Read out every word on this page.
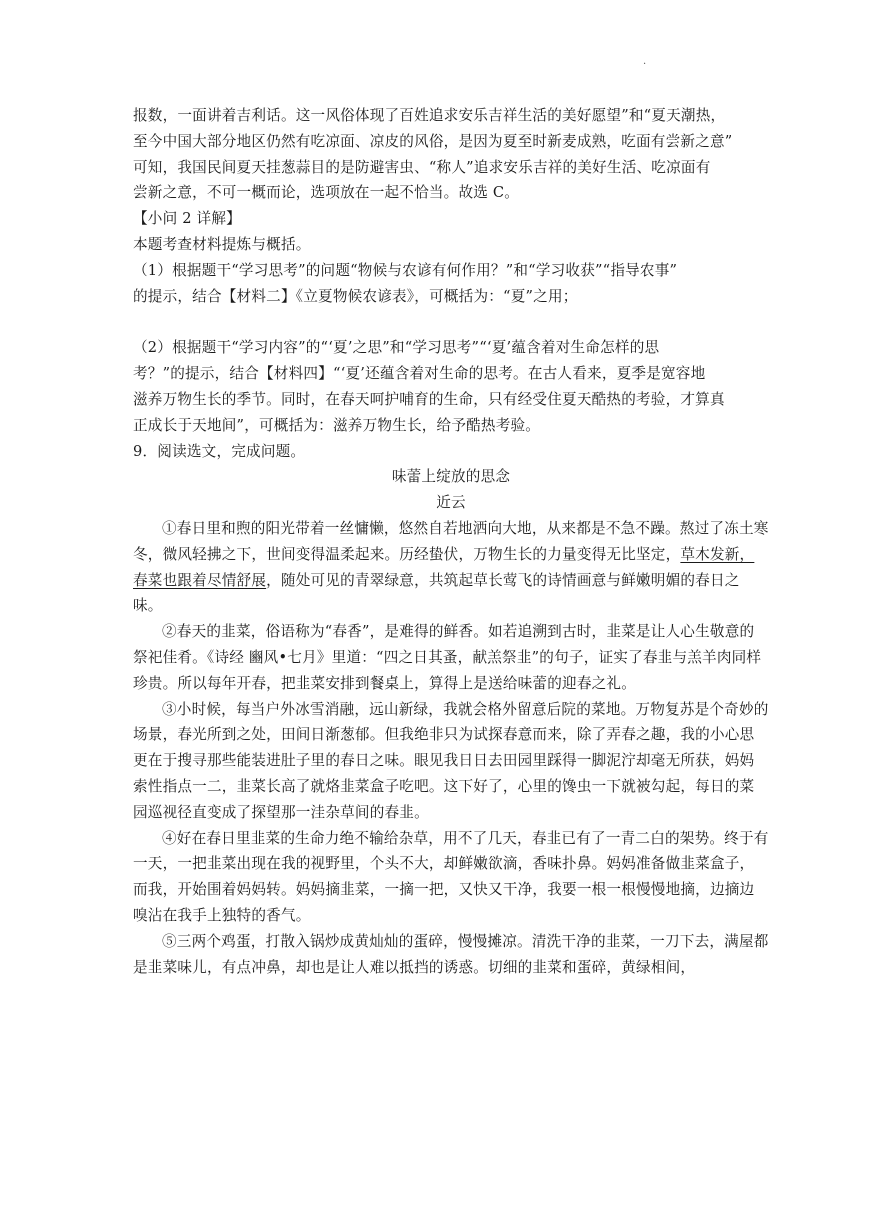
.

报数，一面讲着吉利话。这一风俗体现了百姓追求安乐吉祥生活的美好愿望”和“夏天潮热，

至今中国大部分地区仍然有吃凉面、凉皮的风俗，是因为夏至时新麦成熟，吃面有尝新之意”

可知，我国民间夏天挂葱蒜目的是防避害虫、“称人”追求安乐吉祥的美好生活、吃凉面有

尝新之意，不可一概而论，选项放在一起不恰当。故选 C。

【小问 2 详解】

本题考查材料提炼与概括。

（1）根据题干“学习思考”的问题“物候与农谚有何作用？”和“学习收获”“指导农事”

的提示，结合【材料二】《立夏物候农谚表》，可概括为：“夏”之用；

（2）根据题干“学习内容”的“‘夏’之思”和“学习思考”“‘夏’蕴含着对生命怎样的思

考？”的提示，结合【材料四】“‘夏’还蕴含着对生命的思考。在古人看来，夏季是宽容地

滋养万物生长的季节。同时，在春天呵护哺育的生命，只有经受住夏天酷热的考验，才算真

正成长于天地间”，可概括为：滋养万物生长，给予酷热考验。

9．阅读选文，完成问题。

味蕾上绽放的思念

近云

①春日里和煦的阳光带着一丝慵懒，悠然自若地洒向大地，从来都是不急不躁。熬过了冻土寒冬，微风轻拂之下，世间变得温柔起来。历经蛰伏，万物生长的力量变得无比坚定，草木发新，春菜也跟着尽情舒展，随处可见的青翠绿意，共筑起草长莺飞的诗情画意与鲜嫩明媚的春日之味。

②春天的韭菜，俗语称为“春香”，是难得的鲜香。如若追溯到古时，韭菜是让人心生敬意的祭祀佳肴。《诗经 豳风•七月》里道：“四之日其蚤，献羔祭韭”的句子，证实了春韭与羔羊肉同样珍贵。所以每年开春，把韭菜安排到餐桌上，算得上是送给味蕾的迎春之礼。

③小时候，每当户外冰雪消融，远山新绿，我就会格外留意后院的菜地。万物复苏是个奇妙的场景，春光所到之处，田间日渐葱郁。但我绝非只为试探春意而来，除了弄春之趣，我的小心思更在于搜寻那些能装进肚子里的春日之味。眼见我日日去田园里踩得一脚泥泞却毫无所获，妈妈索性指点一二，韭菜长高了就烙韭菜盒子吃吧。这下好了，心里的馋虫一下就被勾起，每日的菜园巡视径直变成了探望那一洼杂草间的春韭。

④好在春日里韭菜的生命力绝不输给杂草，用不了几天，春韭已有了一青二白的架势。终于有一天，一把韭菜出现在我的视野里，个头不大，却鲜嫩欲滴，香味扑鼻。妈妈准备做韭菜盒子，而我，开始围着妈妈转。妈妈摘韭菜，一摘一把，又快又干净，我要一根一根慢慢地摘，边摘边嗅沾在我手上独特的香气。

⑤三两个鸡蛋，打散入锅炒成黄灿灿的蛋碎，慢慢摊凉。清洗干净的韭菜，一刀下去，满屋都是韭菜味儿，有点冲鼻，却也是让人难以抵挡的诱惑。切细的韭菜和蛋碎，黄绿相间，
